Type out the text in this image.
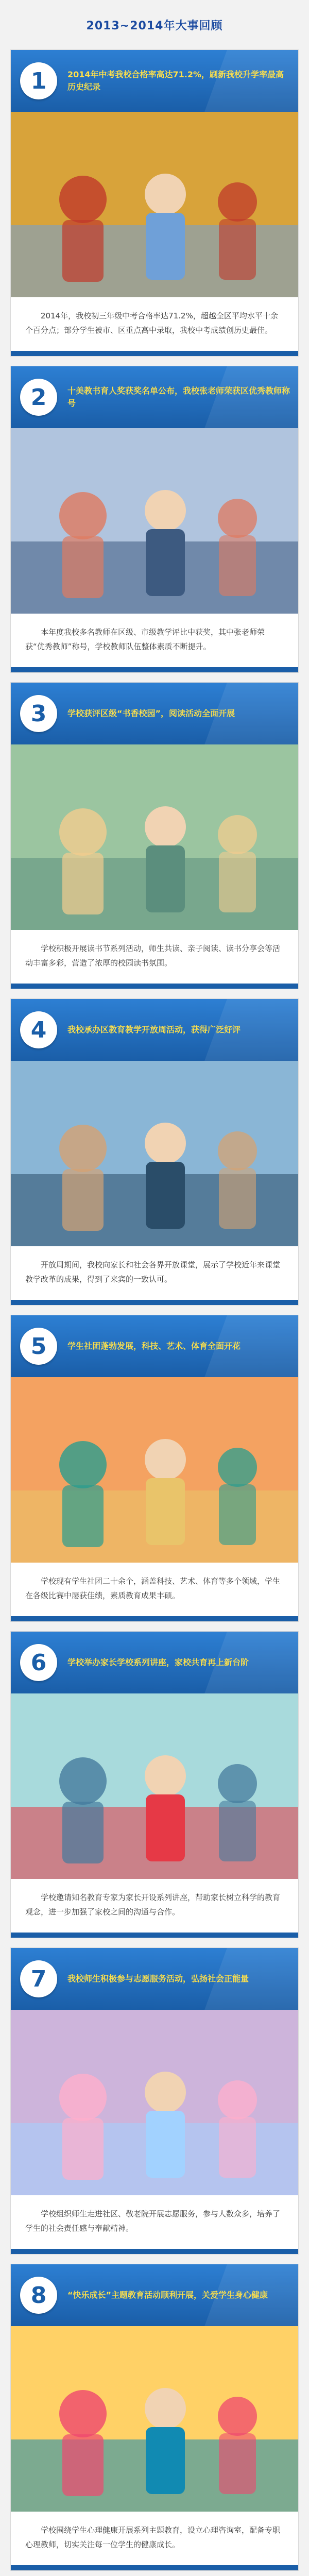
2013~2014年大事回顾
1	2014年中考我校合格率高达71.2%，刷新我校升学率最高历史纪录

2014年，我校初三年级中考合格率达71.2%，超越全区平均水平十余个百分点；部分学生被市、区重点高中录取，我校中考成绩创历史最佳。

2	十美教书育人奖获奖名单公布，我校张老师荣获区优秀教师称号

本年度我校多名教师在区级、市级教学评比中获奖，其中张老师荣获“优秀教师”称号，学校教师队伍整体素质不断提升。

3	学校获评区级“书香校园”，阅读活动全面开展

学校积极开展读书节系列活动，师生共读、亲子阅读、读书分享会等活动丰富多彩，营造了浓厚的校园读书氛围。

4	我校承办区教育教学开放周活动，获得广泛好评

开放周期间，我校向家长和社会各界开放课堂，展示了学校近年来课堂教学改革的成果，得到了来宾的一致认可。

5	学生社团蓬勃发展，科技、艺术、体育全面开花

学校现有学生社团二十余个，涵盖科技、艺术、体育等多个领域，学生在各级比赛中屡获佳绩，素质教育成果丰硕。

6	学校举办家长学校系列讲座，家校共育再上新台阶

学校邀请知名教育专家为家长开设系列讲座，帮助家长树立科学的教育观念，进一步加强了家校之间的沟通与合作。

7	我校师生积极参与志愿服务活动，弘扬社会正能量

学校组织师生走进社区、敬老院开展志愿服务，参与人数众多，培养了学生的社会责任感与奉献精神。

8	“快乐成长”主题教育活动顺利开展，关爱学生身心健康

学校围绕学生心理健康开展系列主题教育，设立心理咨询室，配备专职心理教师，切实关注每一位学生的健康成长。
